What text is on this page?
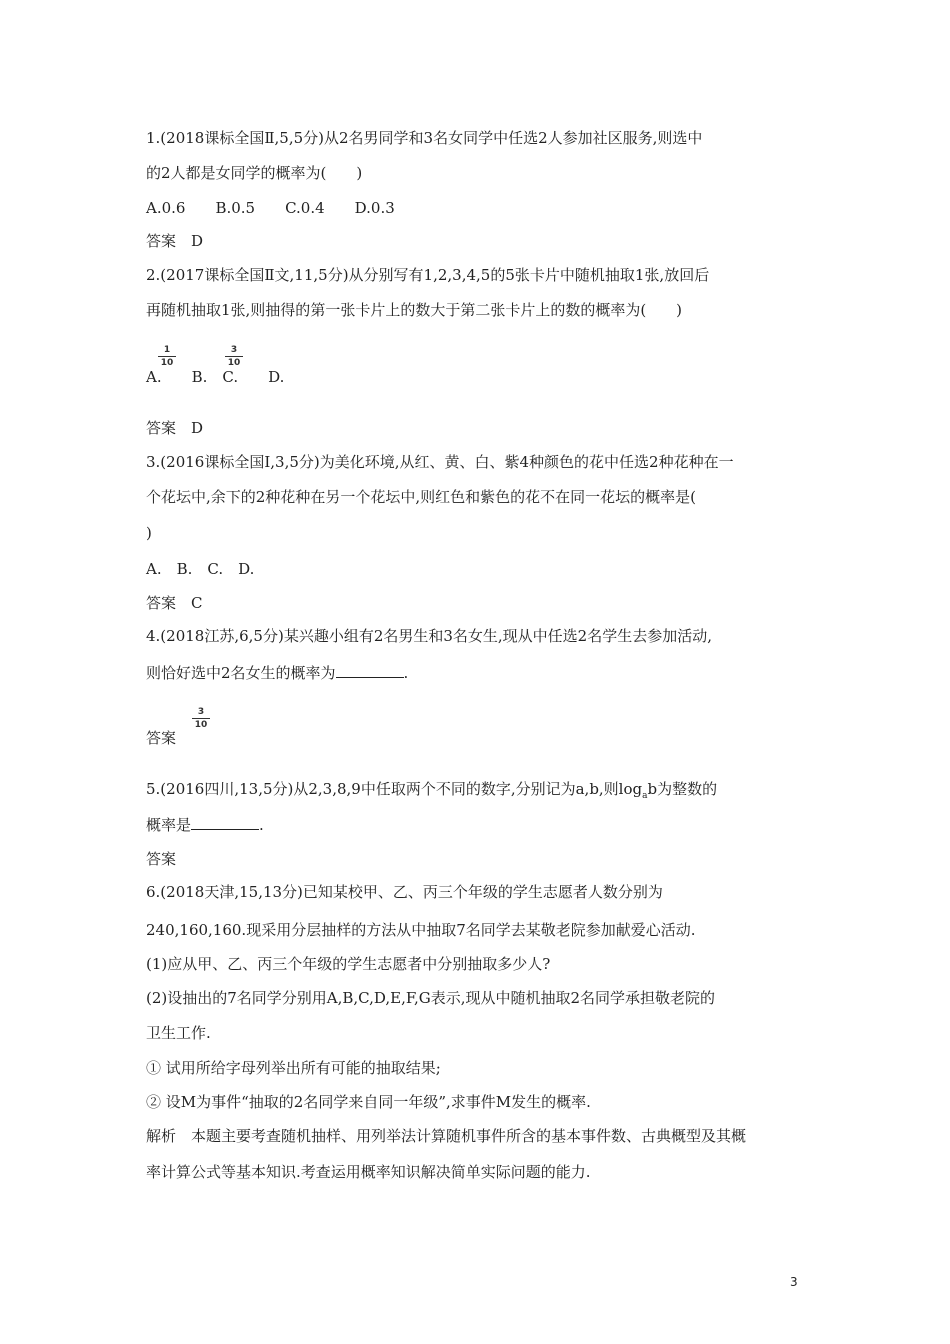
1.(2018课标全国Ⅱ,5,5分)从2名男同学和3名女同学中任选2人参加社区服务,则选中
的2人都是女同学的概率为(　　)
A.0.6　　B.0.5　　C.0.4　　D.0.3
答案　D
2.(2017课标全国Ⅱ文,11,5分)从分别写有1,2,3,4,5的5张卡片中随机抽取1张,放回后
再随机抽取1张,则抽得的第一张卡片上的数大于第二张卡片上的数的概率为(　　)
1
10
3
10
A.　　B.　C.　　D.
答案　D
3.(2016课标全国Ⅰ,3,5分)为美化环境,从红、黄、白、紫4种颜色的花中任选2种花种在一
个花坛中,余下的2种花种在另一个花坛中,则红色和紫色的花不在同一花坛的概率是(
)
A.　B.　C.　D.
答案　C
4.(2018江苏,6,5分)某兴趣小组有2名男生和3名女生,现从中任选2名学生去参加活动,
则恰好选中2名女生的概率为	.
3
10
答案
5.(2016四川,13,5分)从2,3,8,9中任取两个不同的数字,分别记为a,b,则$\log_ab$为整数的
概率是	.
答案
6.(2018天津,15,13分)已知某校甲、乙、丙三个年级的学生志愿者人数分别为
240,160,160.现采用分层抽样的方法从中抽取7名同学去某敬老院参加献爱心活动.
(1)应从甲、乙、丙三个年级的学生志愿者中分别抽取多少人?
(2)设抽出的7名同学分别用A,B,C,D,E,F,G表示,现从中随机抽取2名同学承担敬老院的
卫生工作.
① 试用所给字母列举出所有可能的抽取结果;
② 设M为事件“抽取的2名同学来自同一年级”,求事件M发生的概率.
解析　本题主要考查随机抽样、用列举法计算随机事件所含的基本事件数、古典概型及其概
率计算公式等基本知识.考查运用概率知识解决简单实际问题的能力.
3
